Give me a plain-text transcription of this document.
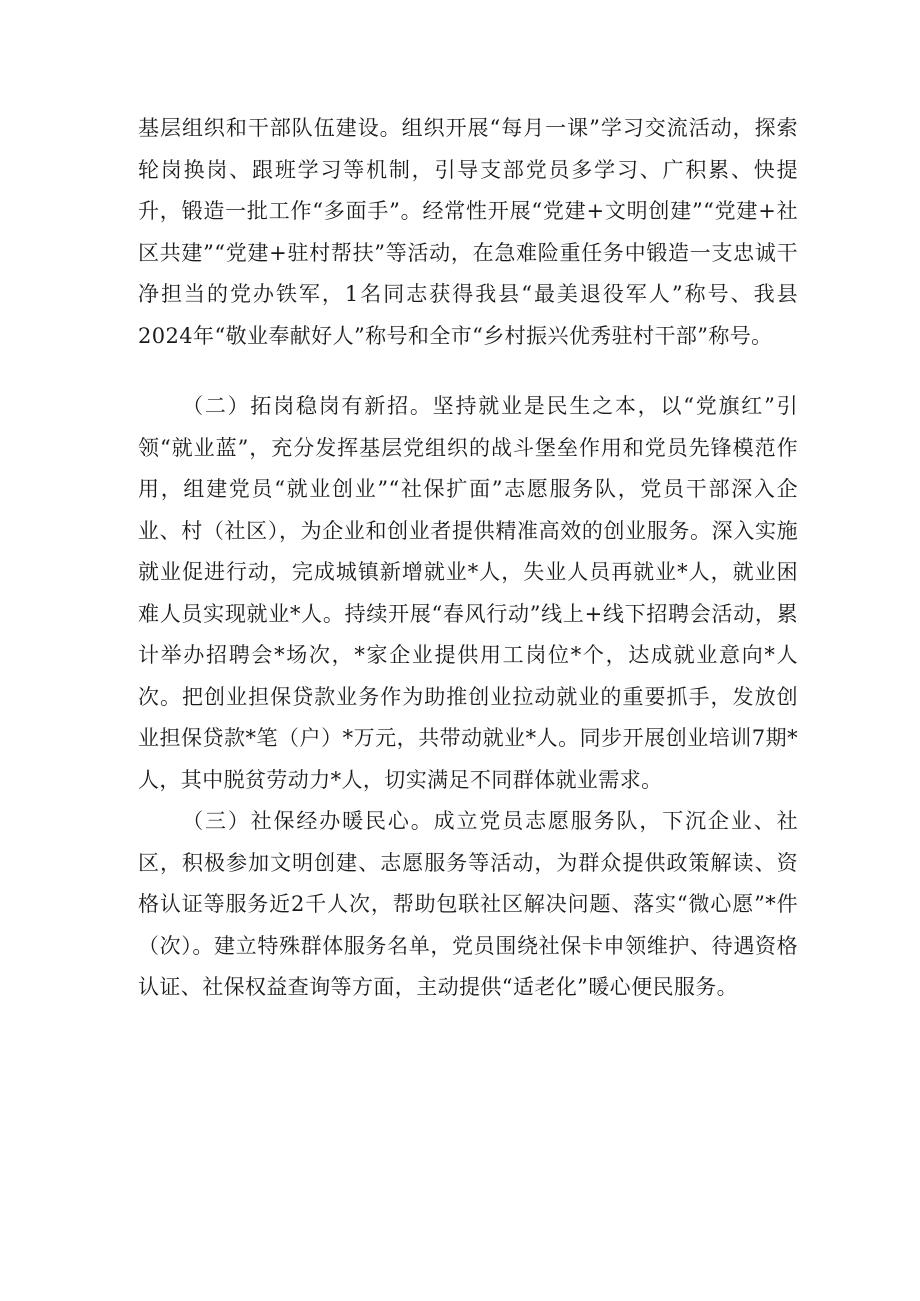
基层组织和干部队伍建设。组织开展“每月一课”学习交流活动，探索轮岗换岗、跟班学习等机制，引导支部党员多学习、广积累、快提升，锻造一批工作“多面手”。经常性开展“党建+文明创建”“党建+社区共建”“党建+驻村帮扶”等活动，在急难险重任务中锻造一支忠诚干净担当的党办铁军，1名同志获得我县“最美退役军人”称号、我县2024年“敬业奉献好人”称号和全市“乡村振兴优秀驻村干部”称号。

（二）拓岗稳岗有新招。坚持就业是民生之本，以“党旗红”引领“就业蓝”，充分发挥基层党组织的战斗堡垒作用和党员先锋模范作用，组建党员“就业创业”“社保扩面”志愿服务队，党员干部深入企业、村（社区），为企业和创业者提供精准高效的创业服务。深入实施就业促进行动，完成城镇新增就业*人，失业人员再就业*人，就业困难人员实现就业*人。持续开展“春风行动”线上+线下招聘会活动，累计举办招聘会*场次，*家企业提供用工岗位*个，达成就业意向*人次。把创业担保贷款业务作为助推创业拉动就业的重要抓手，发放创业担保贷款*笔（户）*万元，共带动就业*人。同步开展创业培训7期*人，其中脱贫劳动力*人，切实满足不同群体就业需求。

（三）社保经办暖民心。成立党员志愿服务队，下沉企业、社区，积极参加文明创建、志愿服务等活动，为群众提供政策解读、资格认证等服务近2千人次，帮助包联社区解决问题、落实“微心愿”*件（次）。建立特殊群体服务名单，党员围绕社保卡申领维护、待遇资格认证、社保权益查询等方面，主动提供“适老化”暖心便民服务。
